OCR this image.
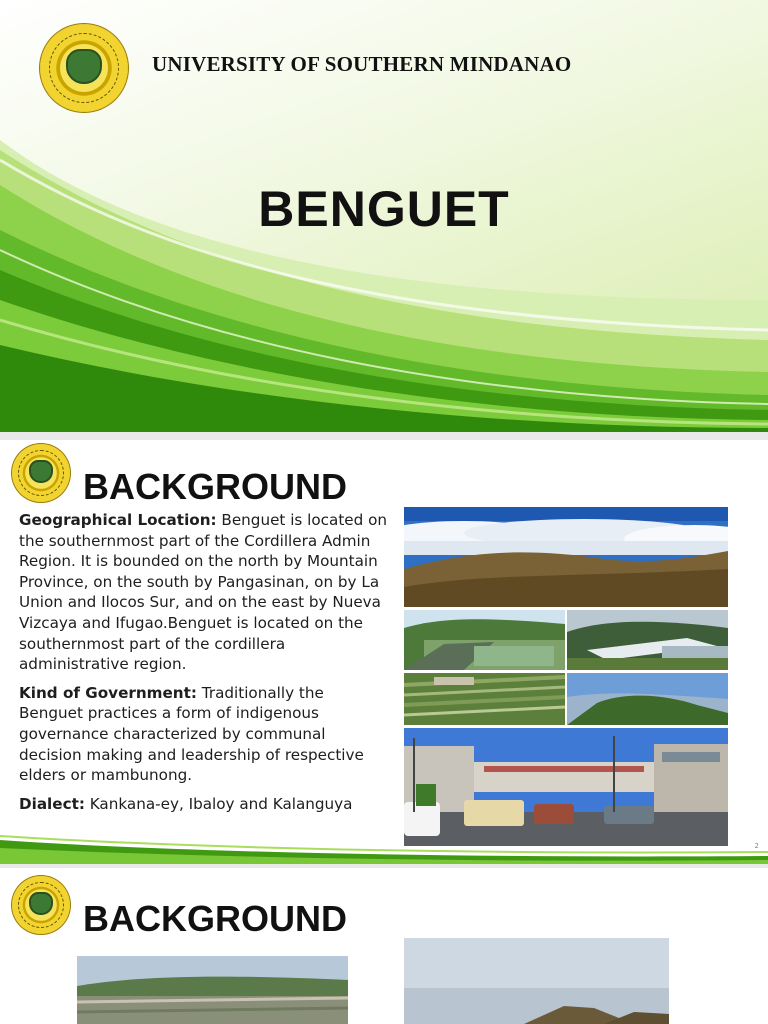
UNIVERSITY OF SOUTHERN MINDANAO
BENGUET
BACKGROUND

Geographical Location: Benguet is located on the southernmost part of the Cordillera Admin Region. It is bounded on the north by Mountain Province, on the south by Pangasinan, on by La Union and Ilocos Sur, and on the east by Nueva Vizcaya and Ifugao.Benguet is located on the southernmost part of the cordillera administrative region.

Kind of Government: Traditionally the Benguet practices a form of indigenous governance characterized by communal decision making and leadership of respective elders or mambunong.

Dialect: Kankana-ey, Ibaloy and Kalanguya

2
BACKGROUND
